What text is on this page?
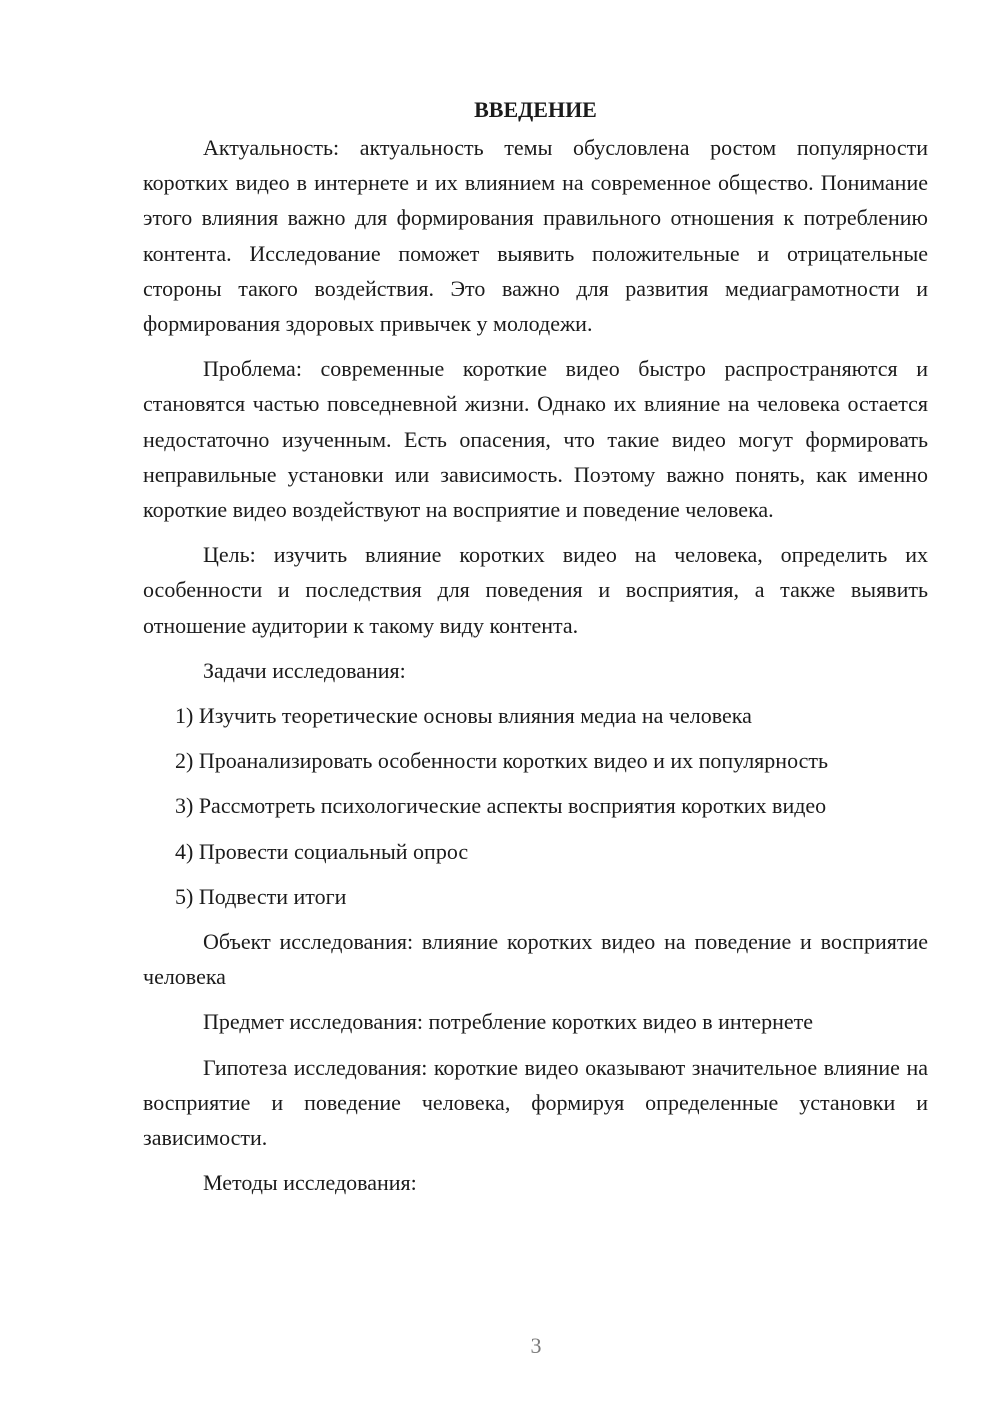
ВВЕДЕНИЕ

Актуальность: актуальность темы обусловлена ростом популярности коротких видео в интернете и их влиянием на современное общество. Понимание этого влияния важно для формирования правильного отношения к потреблению контента. Исследование поможет выявить положительные и отрицательные стороны такого воздействия. Это важно для развития медиаграмотности и формирования здоровых привычек у молодежи.

Проблема: современные короткие видео быстро распространяются и становятся частью повседневной жизни. Однако их влияние на человека остается недостаточно изученным. Есть опасения, что такие видео могут формировать неправильные установки или зависимость. Поэтому важно понять, как именно короткие видео воздействуют на восприятие и поведение человека.

Цель: изучить влияние коротких видео на человека, определить их особенности и последствия для поведения и восприятия, а также выявить отношение аудитории к такому виду контента.

Задачи исследования:

1) Изучить теоретические основы влияния медиа на человека
2) Проанализировать особенности коротких видео и их популярность
3) Рассмотреть психологические аспекты восприятия коротких видео
4) Провести социальный опрос
5) Подвести итоги

Объект исследования: влияние коротких видео на поведение и восприятие человека

Предмет исследования: потребление коротких видео в интернете

Гипотеза исследования: короткие видео оказывают значительное влияние на восприятие и поведение человека, формируя определенные установки и зависимости.

Методы исследования:

3
